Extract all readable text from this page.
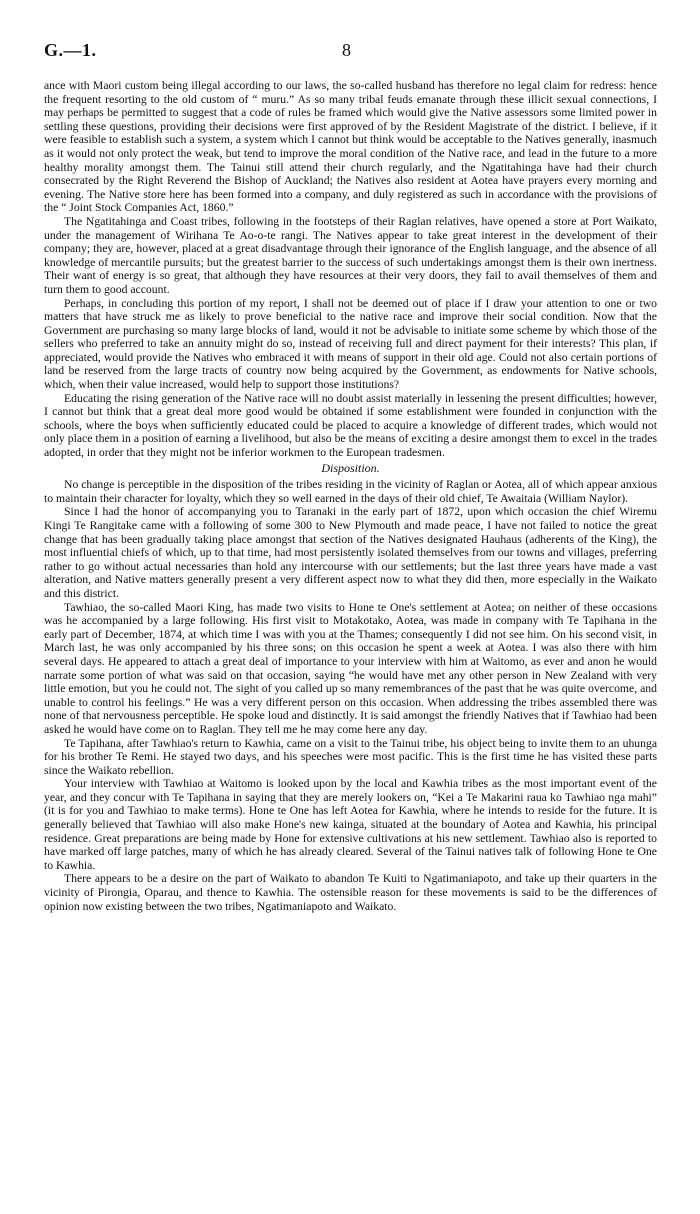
G.—1.	8

ance with Maori custom being illegal according to our laws, the so-called husband has therefore no legal claim for redress: hence the frequent resorting to the old custom of “ muru.” As so many tribal feuds emanate through these illicit sexual connections, I may perhaps be permitted to suggest that a code of rules be framed which would give the Native assessors some limited power in settling these questions, providing their decisions were first approved of by the Resident Magistrate of the district. I believe, if it were feasible to establish such a system, a system which I cannot but think would be acceptable to the Natives generally, inasmuch as it would not only protect the weak, but tend to improve the moral condition of the Native race, and lead in the future to a more healthy morality amongst them. The Tainui still attend their church regularly, and the Ngatitahinga have had their church consecrated by the Right Reverend the Bishop of Auckland; the Natives also resident at Aotea have prayers every morning and evening. The Native store here has been formed into a company, and duly registered as such in accordance with the provisions of the “ Joint Stock Companies Act, 1860.”

The Ngatitahinga and Coast tribes, following in the footsteps of their Raglan relatives, have opened a store at Port Waikato, under the management of Wirihana Te Ao-o-te rangi. The Natives appear to take great interest in the development of their company; they are, however, placed at a great disadvantage through their ignorance of the English language, and the absence of all knowledge of mercantile pursuits; but the greatest barrier to the success of such undertakings amongst them is their own inertness. Their want of energy is so great, that although they have resources at their very doors, they fail to avail themselves of them and turn them to good account.

Perhaps, in concluding this portion of my report, I shall not be deemed out of place if I draw your attention to one or two matters that have struck me as likely to prove beneficial to the native race and improve their social condition. Now that the Government are purchasing so many large blocks of land, would it not be advisable to initiate some scheme by which those of the sellers who preferred to take an annuity might do so, instead of receiving full and direct payment for their interests? This plan, if appreciated, would provide the Natives who embraced it with means of support in their old age. Could not also certain portions of land be reserved from the large tracts of country now being acquired by the Government, as endowments for Native schools, which, when their value increased, would help to support those institutions?

Educating the rising generation of the Native race will no doubt assist materially in lessening the present difficulties; however, I cannot but think that a great deal more good would be obtained if some establishment were founded in conjunction with the schools, where the boys when sufficiently educated could be placed to acquire a knowledge of different trades, which would not only place them in a position of earning a livelihood, but also be the means of exciting a desire amongst them to excel in the trades adopted, in order that they might not be inferior workmen to the European tradesmen.

Disposition.

No change is perceptible in the disposition of the tribes residing in the vicinity of Raglan or Aotea, all of which appear anxious to maintain their character for loyalty, which they so well earned in the days of their old chief, Te Awaitaia (William Naylor).

Since I had the honor of accompanying you to Taranaki in the early part of 1872, upon which occasion the chief Wiremu Kingi Te Rangitake came with a following of some 300 to New Plymouth and made peace, I have not failed to notice the great change that has been gradually taking place amongst that section of the Natives designated Hauhaus (adherents of the King), the most influential chiefs of which, up to that time, had most persistently isolated themselves from our towns and villages, preferring rather to go without actual necessaries than hold any intercourse with our settlements; but the last three years have made a vast alteration, and Native matters generally present a very different aspect now to what they did then, more especially in the Waikato and this district.

Tawhiao, the so-called Maori King, has made two visits to Hone te One's settlement at Aotea; on neither of these occasions was he accompanied by a large following. His first visit to Motakotako, Aotea, was made in company with Te Tapihana in the early part of December, 1874, at which time I was with you at the Thames; consequently I did not see him. On his second visit, in March last, he was only accompanied by his three sons; on this occasion he spent a week at Aotea. I was also there with him several days. He appeared to attach a great deal of importance to your interview with him at Waitomo, as ever and anon he would narrate some portion of what was said on that occasion, saying “he would have met any other person in New Zealand with very little emotion, but you he could not. The sight of you called up so many remembrances of the past that he was quite overcome, and unable to control his feelings.” He was a very different person on this occasion. When addressing the tribes assembled there was none of that nervousness perceptible. He spoke loud and distinctly. It is said amongst the friendly Natives that if Tawhiao had been asked he would have come on to Raglan. They tell me he may come here any day.

Te Tapihana, after Tawhiao's return to Kawhia, came on a visit to the Tainui tribe, his object being to invite them to an uhunga for his brother Te Remi. He stayed two days, and his speeches were most pacific. This is the first time he has visited these parts since the Waikato rebellion.

Your interview with Tawhiao at Waitomo is looked upon by the local and Kawhia tribes as the most important event of the year, and they concur with Te Tapihana in saying that they are merely lookers on, “Kei a Te Makarini raua ko Tawhiao nga mahi” (it is for you and Tawhiao to make terms). Hone te One has left Aotea for Kawhia, where he intends to reside for the future. It is generally believed that Tawhiao will also make Hone's new kainga, situated at the boundary of Aotea and Kawhia, his principal residence. Great preparations are being made by Hone for extensive cultivations at his new settlement. Tawhiao also is reported to have marked off large patches, many of which he has already cleared. Several of the Tainui natives talk of following Hone te One to Kawhia.

There appears to be a desire on the part of Waikato to abandon Te Kuiti to Ngatimaniapoto, and take up their quarters in the vicinity of Pirongia, Oparau, and thence to Kawhia. The ostensible reason for these movements is said to be the differences of opinion now existing between the two tribes, Ngatimaniapoto and Waikato.
